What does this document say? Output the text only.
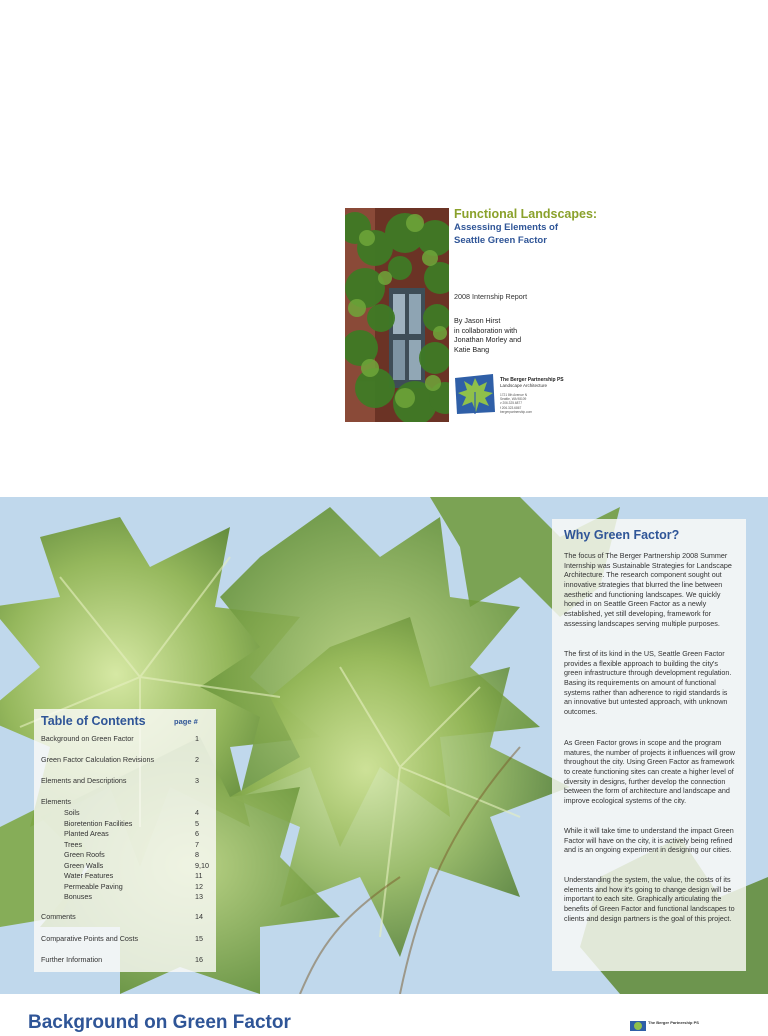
Functional Landscapes:

Assessing Elements of

Seattle Green Factor

2008 Internship Report
By Jason Hirst
in collaboration with
Jonathan Morley and
Katie Bang
The Berger Partnership PS
Landscape Architecture
1721 8th Avenue N
Seattle, WA 98109
v 206.325.6877
f 206.323.6867
bergerpartnership.com
Table of Contents	page #
Background on Green Factor	1
Green Factor Calculation Revisions	2
Elements and Descriptions	3
Elements
Soils	4
Bioretention Facilities	5
Planted Areas	6
Trees	7
Green Roofs	8
Green Walls	9,10
Water Features	11
Permeable Paving	12
Bonuses	13
Comments	14
Comparative Points and Costs	15
Further Information	16
Why Green Factor?

The focus of The Berger Partnership 2008 Summer Internship was Sustainable Strategies for Landscape Architecture. The research component sought out innovative strategies that blurred the line between aesthetic and functioning landscapes. We quickly honed in on Seattle Green Factor as a newly established, yet still developing, framework for assessing landscapes serving multiple purposes.

The first of its kind in the US, Seattle Green Factor provides a flexible approach to building the city's green infrastructure through development regulation. Basing its requirements on amount of functional systems rather than adherence to rigid standards is an innovative but untested approach, with unknown outcomes.

As Green Factor grows in scope and the program matures, the number of projects it influences will grow throughout the city. Using Green Factor as framework to create functioning sites can create a higher level of diversity in designs, further develop the connection between the form of architecture and landscape and improve ecological systems of the city.

While it will take time to understand the impact Green Factor will have on the city, it is actively being refined and is an ongoing experiment in designing our cities.

Understanding the system, the value, the costs of its elements and how it's going to change design will be important to each site. Graphically articulating the benefits of Green Factor and functional landscapes to clients and design partners is the goal of this project.

Background on Green Factor	The Berger Partnership PS
